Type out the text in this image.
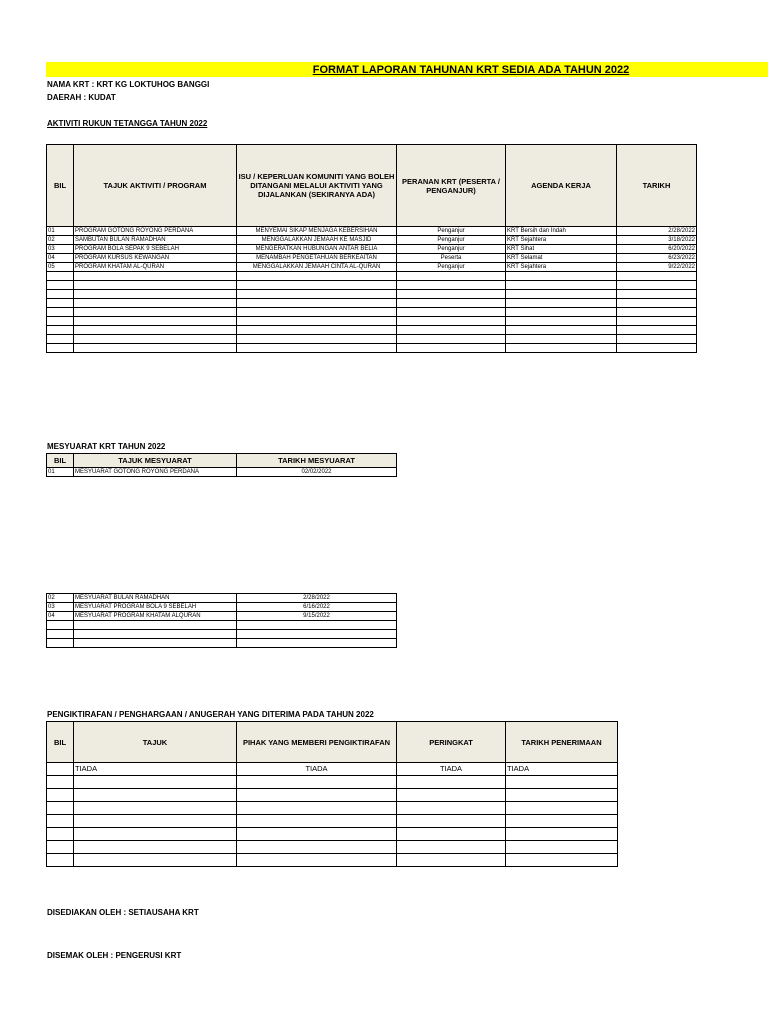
FORMAT LAPORAN TAHUNAN KRT SEDIA ADA TAHUN 2022
NAMA KRT : KRT KG LOKTUHOG BANGGI
DAERAH : KUDAT
AKTIVITI RUKUN TETANGGA TAHUN 2022
BIL	TAJUK AKTIVITI / PROGRAM	ISU / KEPERLUAN KOMUNITI YANG BOLEH DITANGANI MELALUI AKTIVITI YANG DIJALANKAN (SEKIRANYA ADA)	PERANAN KRT (PESERTA / PENGANJUR)	AGENDA KERJA	TARIKH
01	PROGRAM GOTONG ROYONG PERDANA	MENYEMAI SIKAP MENJAGA KEBERSIHAN	Penganjur	KRT Bersih dan Indah	2/28/2022
02	SAMBUTAN BULAN RAMADHAN	MENGGALAKKAN JEMAAH KE MASJID	Penganjur	KRT Sejahtera	3/18/2022
03	PROGRAM BOLA SEPAK 9 SEBELAH	MENGERATKAN HUBUNGAN ANTAR BELIA	Penganjur	KRT Sihat	6/20/2022
04	PROGRAM KURSUS KEWANGAN	MENAMBAH PENGETAHUAN BERKEAITAN	Peserta	KRT Selamat	6/23/2022
05	PROGRAM KHATAM AL-QURAN	MENGGALAKKAN JEMAAH CINTA AL-QURAN	Penganjur	KRT Sejahtera	9/22/2022

MESYUARAT KRT TAHUN 2022
BIL	TAJUK MESYUARAT	TARIKH MESYUARAT
01	MESYUARAT GOTONG ROYONG PERDANA	02/02/2022
02	MESYUARAT BULAN RAMADHAN	2/28/2022
03	MESYUARAT PROGRAM BOLA 9 SEBELAH	6/16/2022
04	MESYUARAT PROGRAM KHATAM ALQURAN	9/15/2022

PENGIKTIRAFAN / PENGHARGAAN / ANUGERAH YANG DITERIMA PADA TAHUN 2022
BIL	TAJUK	PIHAK YANG MEMBERI PENGIKTIRAFAN	PERINGKAT	TARIKH PENERIMAAN
	TIADA	TIADA	TIADA	TIADA

DISEDIAKAN OLEH : SETIAUSAHA KRT
DISEMAK OLEH : PENGERUSI KRT
